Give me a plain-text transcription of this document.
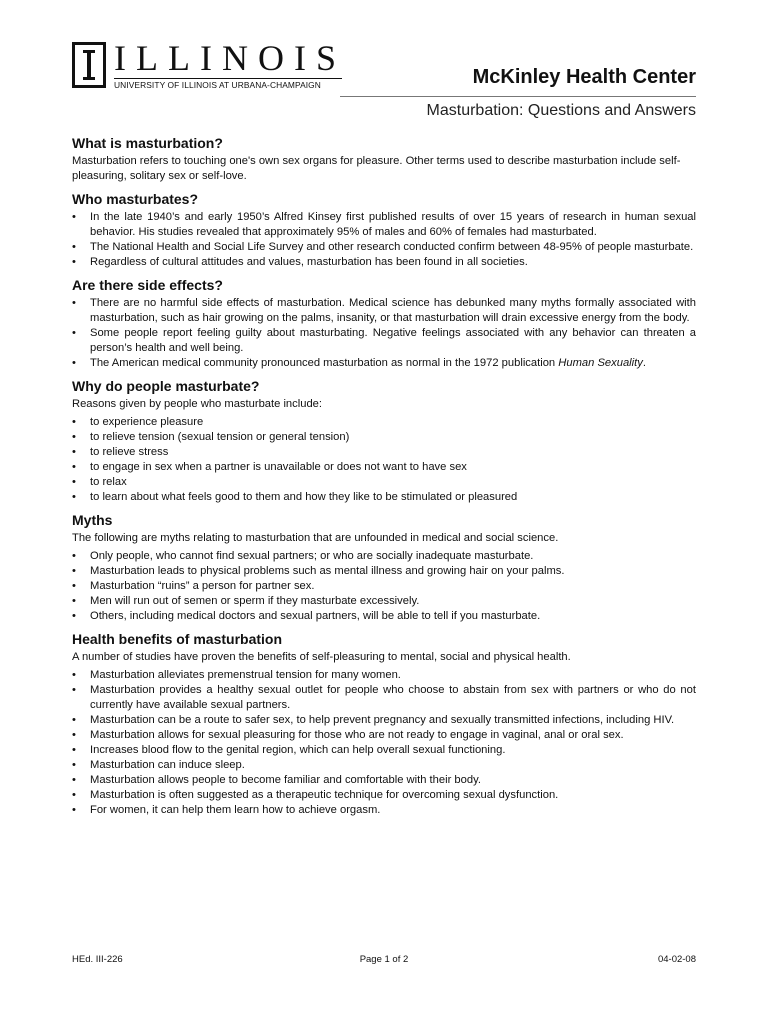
ILLINOIS
UNIVERSITY OF ILLINOIS AT URBANA-CHAMPAIGN	McKinley Health Center
Masturbation: Questions and Answers
What is masturbation?

Masturbation refers to touching one's own sex organs for pleasure. Other terms used to describe masturbation include self-pleasuring, solitary sex or self-love.

Who masturbates?
• In the late 1940’s and early 1950’s Alfred Kinsey first published results of over 15 years of research in human sexual behavior. His studies revealed that approximately 95% of males and 60% of females had masturbated.
• The National Health and Social Life Survey and other research conducted confirm between 48-95% of people masturbate.
• Regardless of cultural attitudes and values, masturbation has been found in all societies.
Are there side effects?
• There are no harmful side effects of masturbation. Medical science has debunked many myths formally associated with masturbation, such as hair growing on the palms, insanity, or that masturbation will drain excessive energy from the body.
• Some people report feeling guilty about masturbating. Negative feelings associated with any behavior can threaten a person’s health and well being.
• The American medical community pronounced masturbation as normal in the 1972 publication Human Sexuality.
Why do people masturbate?

Reasons given by people who masturbate include:

• to experience pleasure
• to relieve tension (sexual tension or general tension)
• to relieve stress
• to engage in sex when a partner is unavailable or does not want to have sex
• to relax
• to learn about what feels good to them and how they like to be stimulated or pleasured
Myths

The following are myths relating to masturbation that are unfounded in medical and social science.

• Only people, who cannot find sexual partners; or who are socially inadequate masturbate.
• Masturbation leads to physical problems such as mental illness and growing hair on your palms.
• Masturbation “ruins” a person for partner sex.
• Men will run out of semen or sperm if they masturbate excessively.
• Others, including medical doctors and sexual partners, will be able to tell if you masturbate.
Health benefits of masturbation

A number of studies have proven the benefits of self-pleasuring to mental, social and physical health.

• Masturbation alleviates premenstrual tension for many women.
• Masturbation provides a healthy sexual outlet for people who choose to abstain from sex with partners or who do not currently have available sexual partners.
• Masturbation can be a route to safer sex, to help prevent pregnancy and sexually transmitted infections, including HIV.
• Masturbation allows for sexual pleasuring for those who are not ready to engage in vaginal, anal or oral sex.
• Increases blood flow to the genital region, which can help overall sexual functioning.
• Masturbation can induce sleep.
• Masturbation allows people to become familiar and comfortable with their body.
• Masturbation is often suggested as a therapeutic technique for overcoming sexual dysfunction.
• For women, it can help them learn how to achieve orgasm.
HEd. III-226	Page 1 of 2	04-02-08
